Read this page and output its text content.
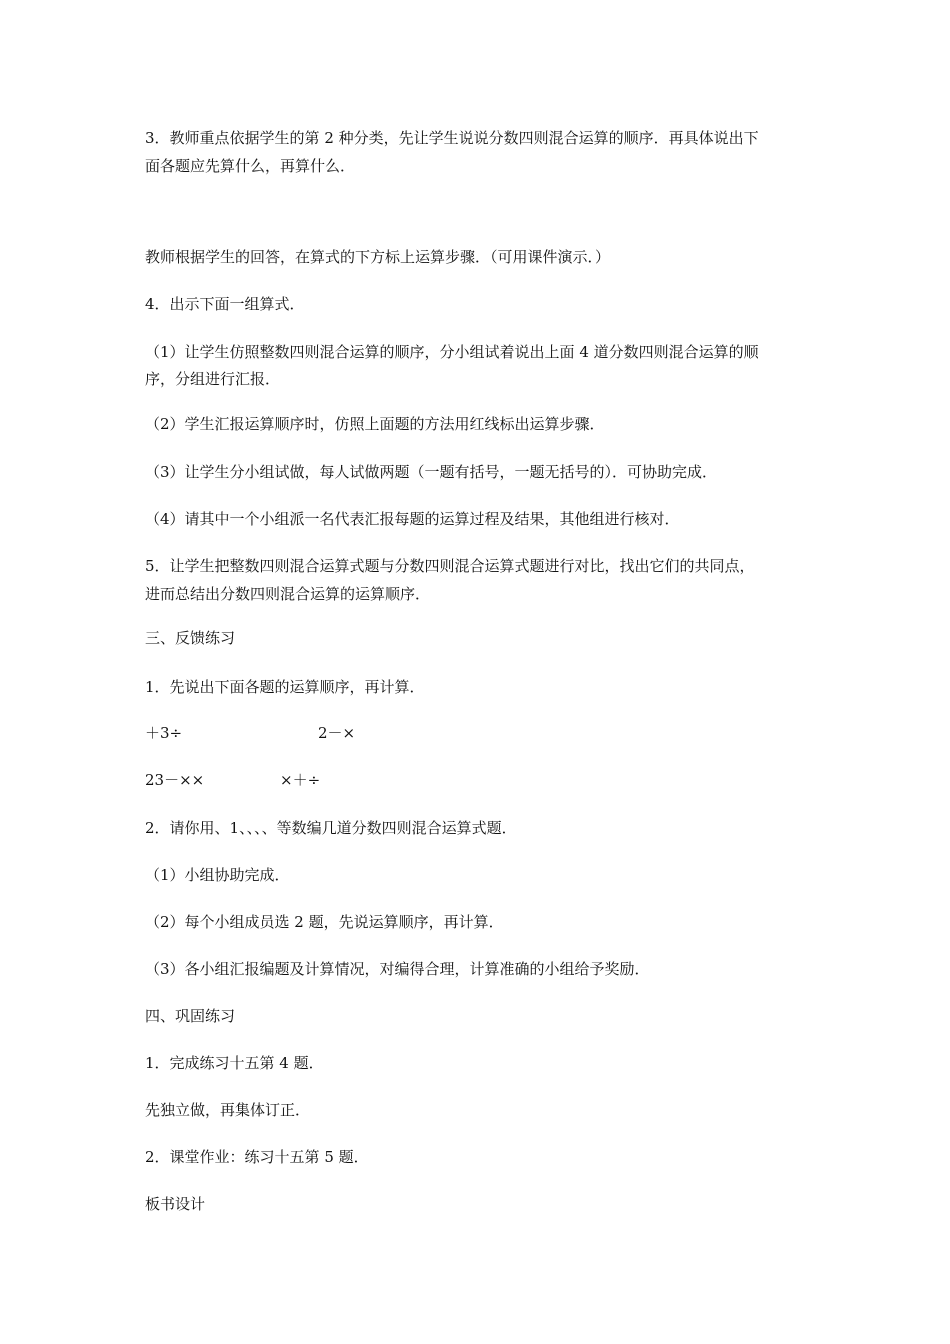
3．教师重点依据学生的第 2 种分类，先让学生说说分数四则混合运算的顺序．再具体说出下
面各题应先算什么，再算什么．
教师根据学生的回答，在算式的下方标上运算步骤．（可用课件演示．）
4．出示下面一组算式．
（1）让学生仿照整数四则混合运算的顺序，分小组试着说出上面 4 道分数四则混合运算的顺
序，分组进行汇报．
（2）学生汇报运算顺序时，仿照上面题的方法用红线标出运算步骤．
（3）让学生分小组试做，每人试做两题（一题有括号，一题无括号的）．可协助完成．
（4）请其中一个小组派一名代表汇报每题的运算过程及结果，其他组进行核对．
5．让学生把整数四则混合运算式题与分数四则混合运算式题进行对比，找出它们的共同点，
进而总结出分数四则混合运算的运算顺序．
三、反馈练习
1．先说出下面各题的运算顺序，再计算．
＋3÷	2－×
23－××	×＋÷
2．请你用、1、、、、等数编几道分数四则混合运算式题．
（1）小组协助完成．
（2）每个小组成员选 2 题，先说运算顺序，再计算．
（3）各小组汇报编题及计算情况，对编得合理，计算准确的小组给予奖励．
四、巩固练习
1．完成练习十五第 4 题．
先独立做，再集体订正．
2．课堂作业：练习十五第 5 题．
板书设计
